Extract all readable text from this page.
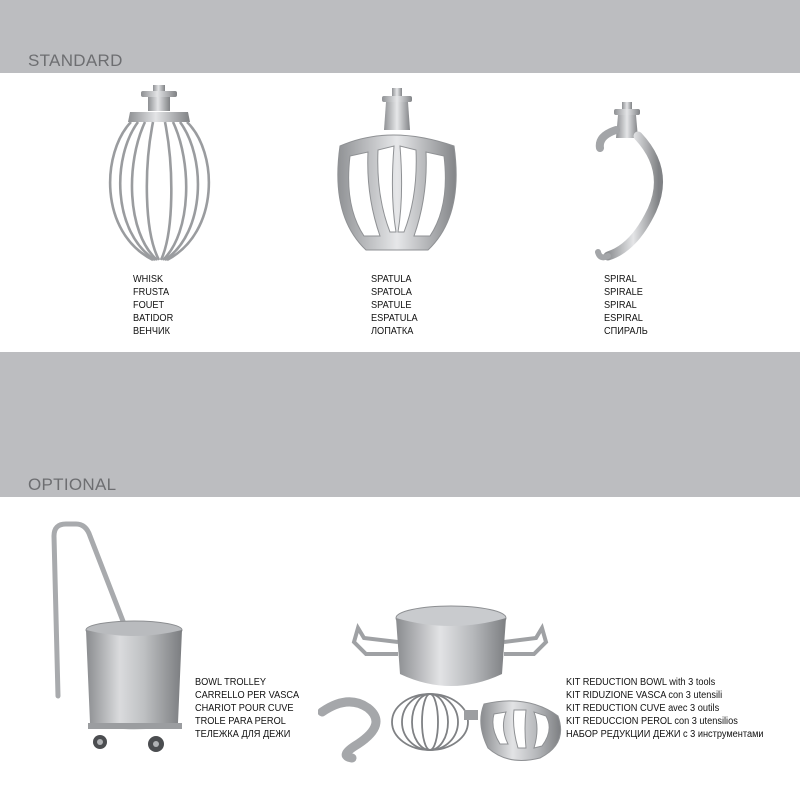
STANDARD
OPTIONAL
WHISK
FRUSTA
FOUET
BATIDOR
ВЕНЧИК
SPATULA
SPATOLA
SPATULE
ESPATULA
ЛОПАТКА
SPIRAL
SPIRALE
SPIRAL
ESPIRAL
СПИРАЛЬ
BOWL TROLLEY
CARRELLO PER VASCA
CHARIOT POUR CUVE
TROLE PARA PEROL
ТЕЛЕЖКА ДЛЯ ДЕЖИ
KIT REDUCTION BOWL with 3 tools
KIT RIDUZIONE VASCA con 3 utensili
KIT REDUCTION CUVE avec 3 outils
KIT REDUCCION PEROL con 3 utensilios
НАБОР РЕДУКЦИИ ДЕЖИ с 3 инструментами
